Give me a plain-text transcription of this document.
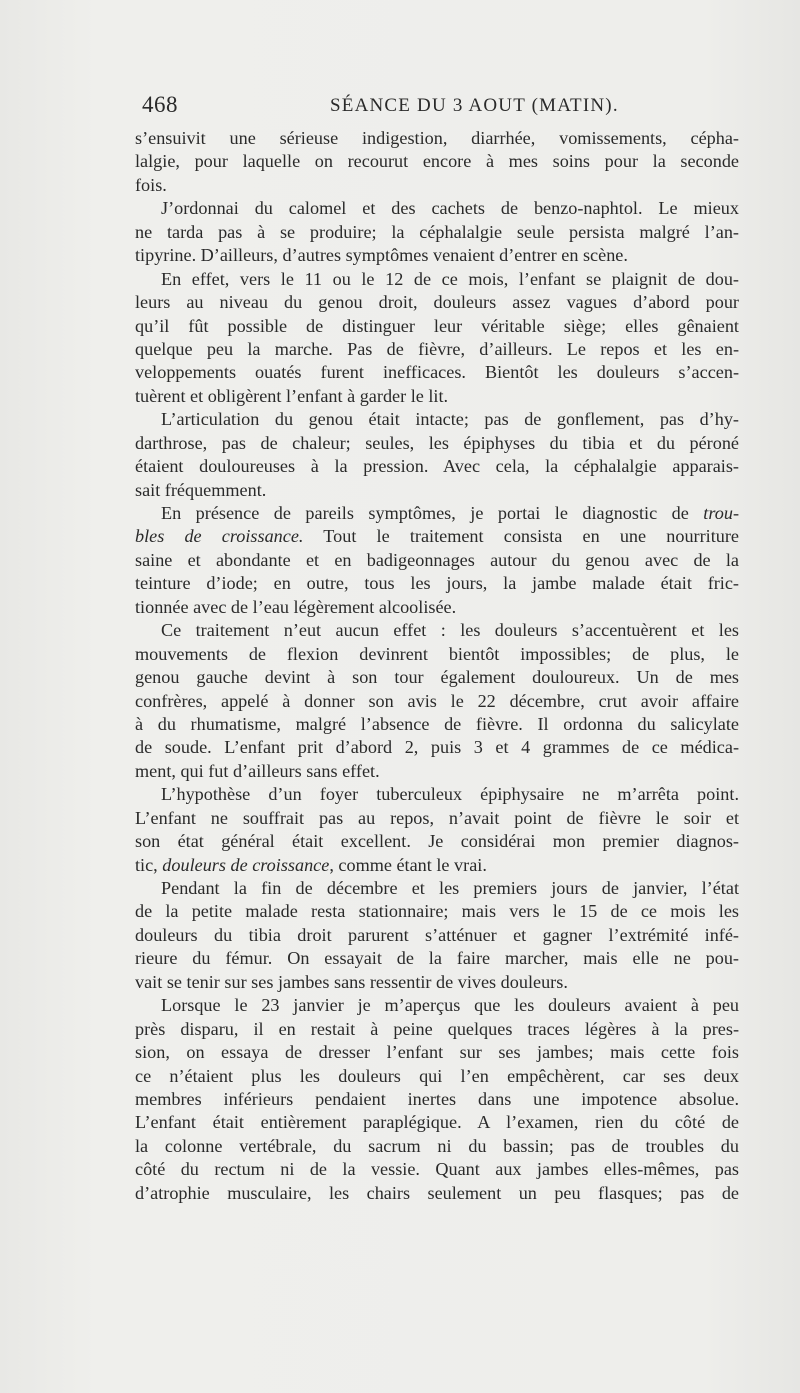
468	SÉANCE DU 3 AOUT (MATIN).
s’ensuivit une sérieuse indigestion, diarrhée, vomissements, cépha-
lalgie, pour laquelle on recourut encore à mes soins pour la seconde
fois.
J’ordonnai du calomel et des cachets de benzo-naphtol. Le mieux
ne tarda pas à se produire; la céphalalgie seule persista malgré l’an-
tipyrine. D’ailleurs, d’autres symptômes venaient d’entrer en scène.
En effet, vers le 11 ou le 12 de ce mois, l’enfant se plaignit de dou-
leurs au niveau du genou droit, douleurs assez vagues d’abord pour
qu’il fût possible de distinguer leur véritable siège; elles gênaient
quelque peu la marche. Pas de fièvre, d’ailleurs. Le repos et les en-
veloppements ouatés furent inefficaces. Bientôt les douleurs s’accen-
tuèrent et obligèrent l’enfant à garder le lit.
L’articulation du genou était intacte; pas de gonflement, pas d’hy-
darthrose, pas de chaleur; seules, les épiphyses du tibia et du péroné
étaient douloureuses à la pression. Avec cela, la céphalalgie apparais-
sait fréquemment.
En présence de pareils symptômes, je portai le diagnostic de trou-
bles de croissance. Tout le traitement consista en une nourriture
saine et abondante et en badigeonnages autour du genou avec de la
teinture d’iode; en outre, tous les jours, la jambe malade était fric-
tionnée avec de l’eau légèrement alcoolisée.
Ce traitement n’eut aucun effet : les douleurs s’accentuèrent et les
mouvements de flexion devinrent bientôt impossibles; de plus, le
genou gauche devint à son tour également douloureux. Un de mes
confrères, appelé à donner son avis le 22 décembre, crut avoir affaire
à du rhumatisme, malgré l’absence de fièvre. Il ordonna du salicylate
de soude. L’enfant prit d’abord 2, puis 3 et 4 grammes de ce médica-
ment, qui fut d’ailleurs sans effet.
L’hypothèse d’un foyer tuberculeux épiphysaire ne m’arrêta point.
L’enfant ne souffrait pas au repos, n’avait point de fièvre le soir et
son état général était excellent. Je considérai mon premier diagnos-
tic, douleurs de croissance, comme étant le vrai.
Pendant la fin de décembre et les premiers jours de janvier, l’état
de la petite malade resta stationnaire; mais vers le 15 de ce mois les
douleurs du tibia droit parurent s’atténuer et gagner l’extrémité infé-
rieure du fémur. On essayait de la faire marcher, mais elle ne pou-
vait se tenir sur ses jambes sans ressentir de vives douleurs.
Lorsque le 23 janvier je m’aperçus que les douleurs avaient à peu
près disparu, il en restait à peine quelques traces légères à la pres-
sion, on essaya de dresser l’enfant sur ses jambes; mais cette fois
ce n’étaient plus les douleurs qui l’en empêchèrent, car ses deux
membres inférieurs pendaient inertes dans une impotence absolue.
L’enfant était entièrement paraplégique. A l’examen, rien du côté de
la colonne vertébrale, du sacrum ni du bassin; pas de troubles du
côté du rectum ni de la vessie. Quant aux jambes elles-mêmes, pas
d’atrophie musculaire, les chairs seulement un peu flasques; pas de
